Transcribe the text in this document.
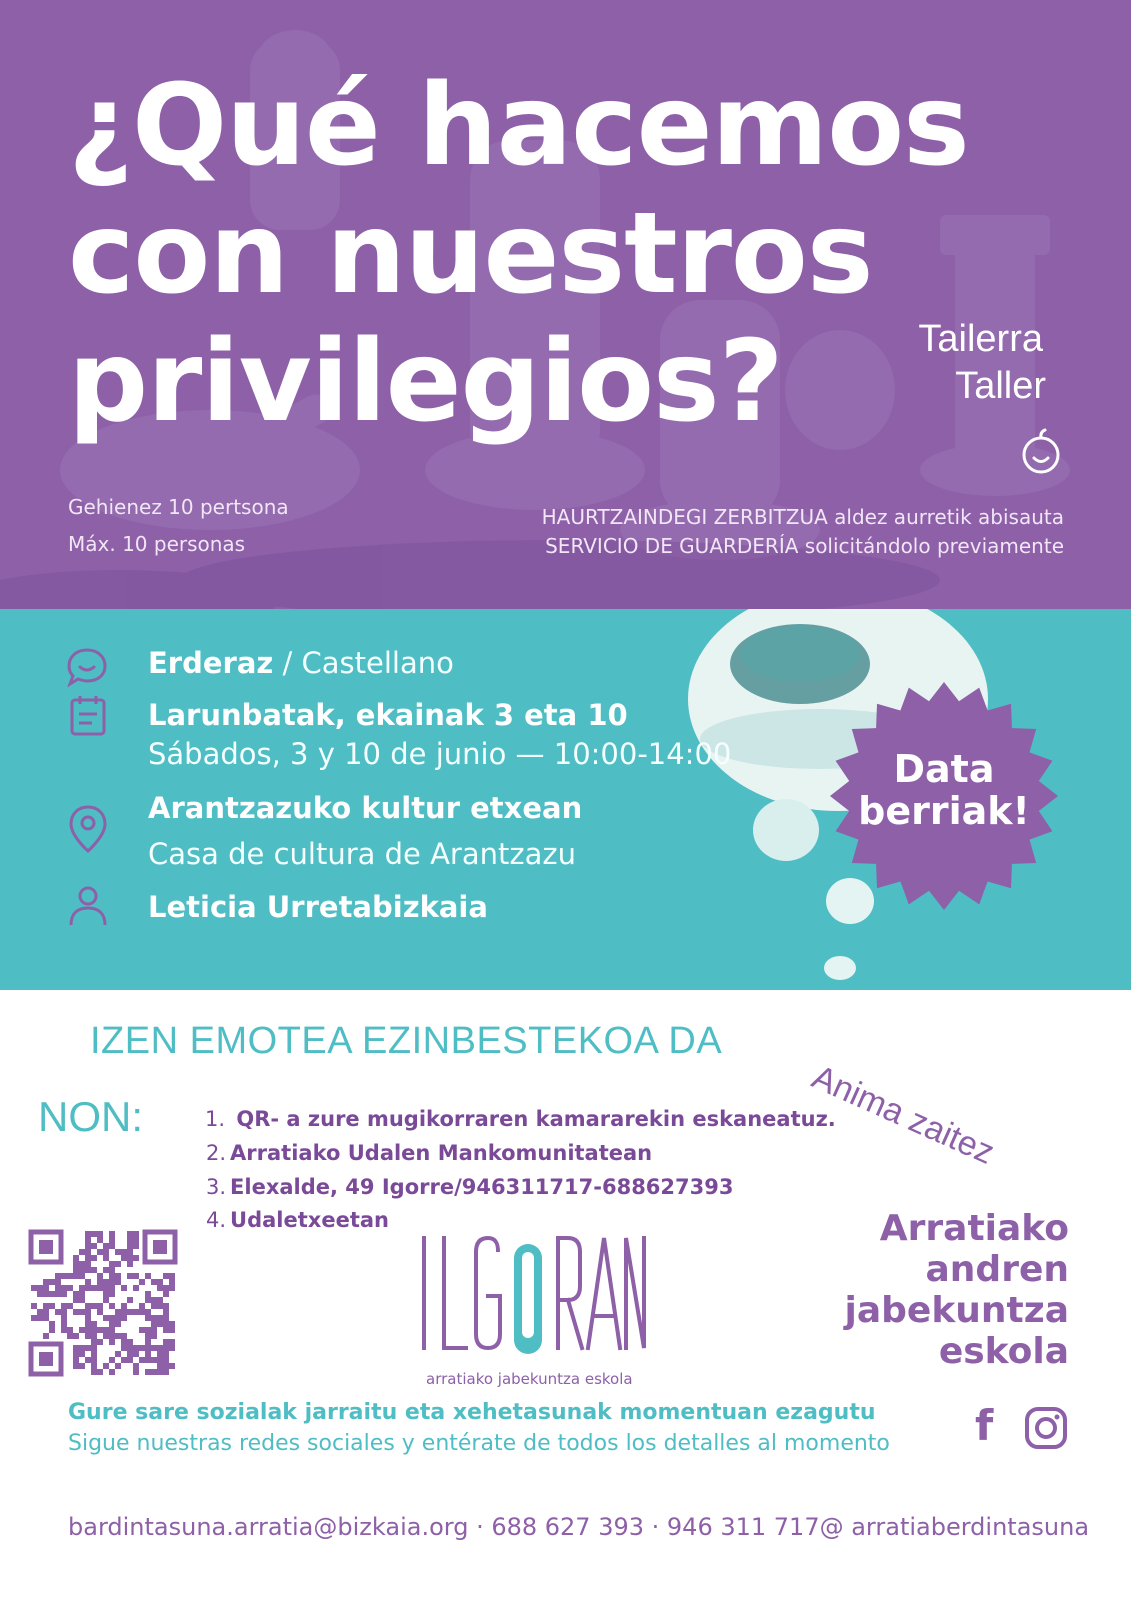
¿Qué hacemos
con nuestros
privilegios?	Tailerra
Taller
Gehienez 10 pertsona
Máx. 10 personas
HAURTZAINDEGI ZERBITZUA aldez aurretik abisauta
SERVICIO DE GUARDERÍA solicitándolo previamente
Erderaz / Castellano
Larunbatak, ekainak 3 eta 10
Sábados, 3 y 10 de junio — 10:00-14:00
Arantzazuko kultur etxean
Casa de cultura de Arantzazu
Leticia Urretabizkaia
Data
berriak!
IZEN EMOTEA EZINBESTEKOA DA
Anima zaitez
NON:	1. QR- a zure mugikorraren kamararekin eskaneatuz.
2. Arratiako Udalen Mankomunitatean
3. Elexalde, 49 Igorre/946311717-688627393
4. Udaletxeetan
arratiako jabekuntza eskola
Arratiako
andren
jabekuntza
eskola
Gure sare sozialak jarraitu eta xehetasunak momentuan ezagutu
Sigue nuestras redes sociales y entérate de todos los detalles al momento f
bardintasuna.arratia@bizkaia.org · 688 627 393 · 946 311 717@ arratiaberdintasuna
